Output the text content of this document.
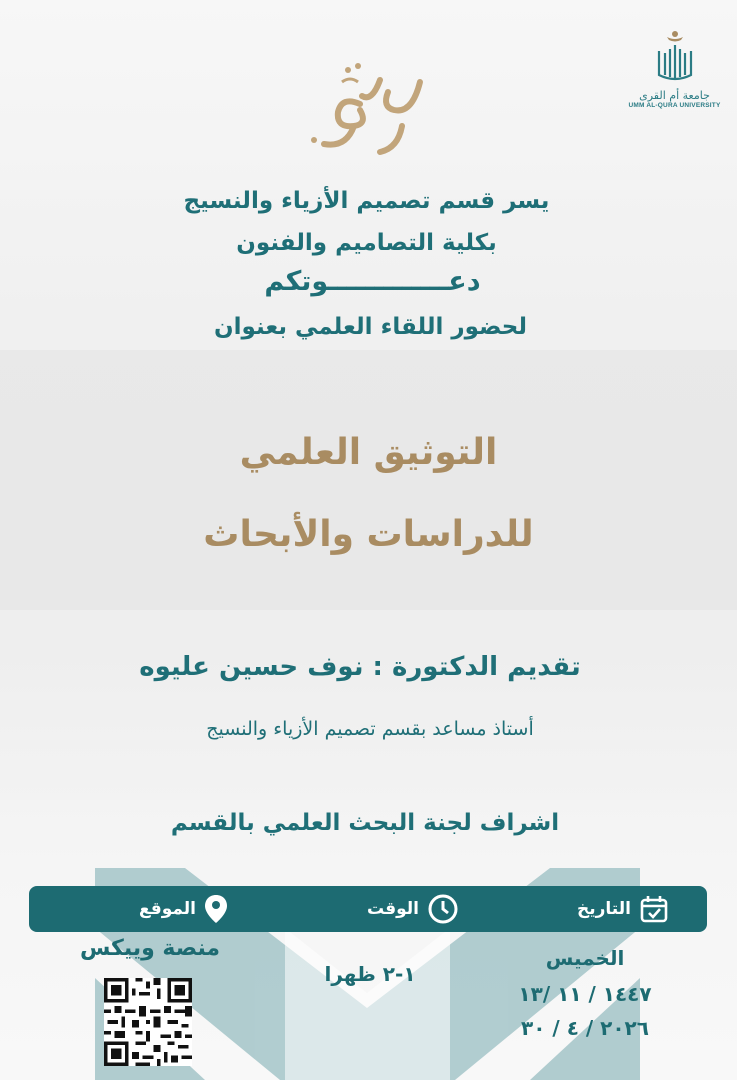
جامعة أم القرى
UMM AL-QURA UNIVERSITY
يسر قسم تصميم الأزياء والنسيج
بكلية التصاميم والفنون
دعـــــــــــــوتكم
لحضور اللقاء العلمي بعنوان
التوثيق العلمي
للدراسات والأبحاث
تقديم الدكتورة : نوف حسين عليوه
أستاذ مساعد بقسم تصميم الأزياء والنسيج
اشراف لجنة البحث العلمي بالقسم
التاريخ
الوقت
الموقع
منصة وييكس
١-٢ ظهرا
الخميس
١٤٤٧ / ١١ /١٣
٢٠٢٦ / ٤ / ٣٠
